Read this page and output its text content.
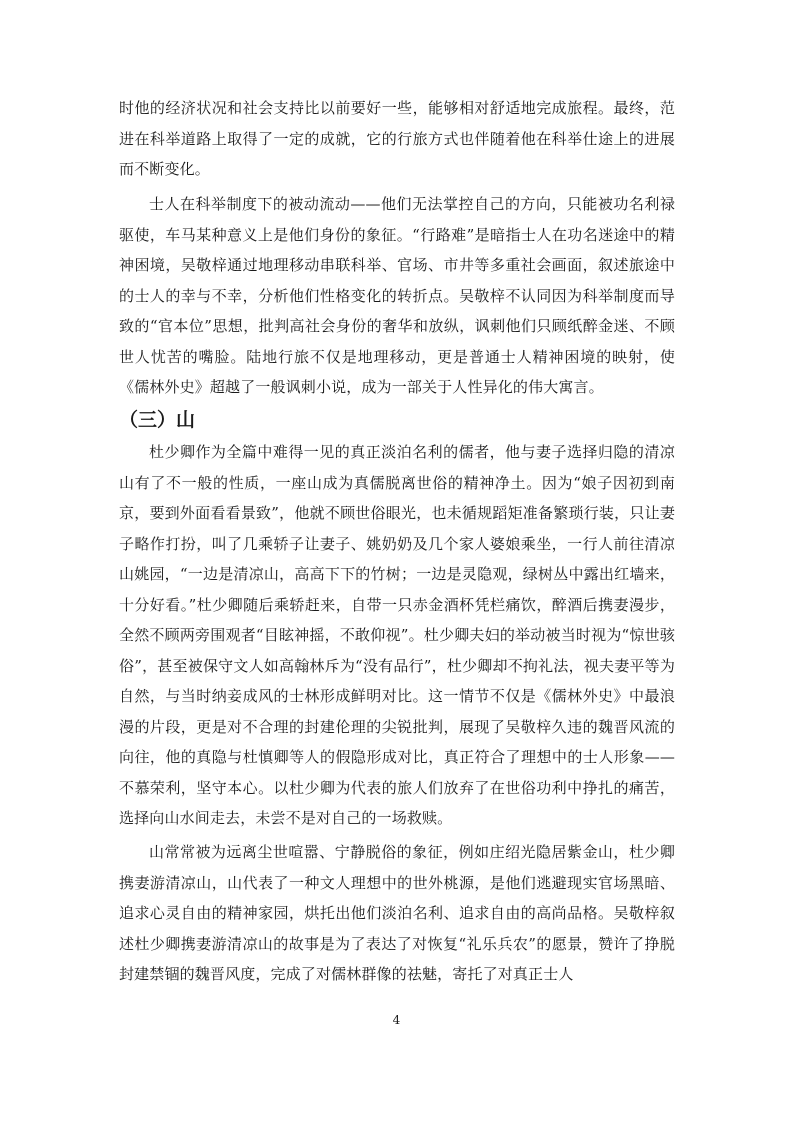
时他的经济状况和社会支持比以前要好一些，能够相对舒适地完成旅程。最终，范进在科举道路上取得了一定的成就，它的行旅方式也伴随着他在科举仕途上的进展而不断变化。

士人在科举制度下的被动流动——他们无法掌控自己的方向，只能被功名利禄驱使，车马某种意义上是他们身份的象征。“行路难”是暗指士人在功名迷途中的精神困境，吴敬梓通过地理移动串联科举、官场、市井等多重社会画面，叙述旅途中的士人的幸与不幸，分析他们性格变化的转折点。吴敬梓不认同因为科举制度而导致的“官本位”思想，批判高社会身份的奢华和放纵，讽刺他们只顾纸醉金迷、不顾世人忧苦的嘴脸。陆地行旅不仅是地理移动，更是普通士人精神困境的映射，使《儒林外史》超越了一般讽刺小说，成为一部关于人性异化的伟大寓言。

（三）山

杜少卿作为全篇中难得一见的真正淡泊名利的儒者，他与妻子选择归隐的清凉山有了不一般的性质，一座山成为真儒脱离世俗的精神净土。因为“娘子因初到南京，要到外面看看景致”，他就不顾世俗眼光，也未循规蹈矩准备繁琐行装，只让妻子略作打扮，叫了几乘轿子让妻子、姚奶奶及几个家人婆娘乘坐，一行人前往清凉山姚园，“一边是清凉山，高高下下的竹树；一边是灵隐观，绿树丛中露出红墙来，十分好看。”杜少卿随后乘轿赶来，自带一只赤金酒杯凭栏痛饮，醉酒后携妻漫步，全然不顾两旁围观者“目眩神摇，不敢仰视”。杜少卿夫妇的举动被当时视为“惊世骇俗”，甚至被保守文人如高翰林斥为“没有品行”，杜少卿却不拘礼法，视夫妻平等为自然，与当时纳妾成风的士林形成鲜明对比。这一情节不仅是《儒林外史》中最浪漫的片段，更是对不合理的封建伦理的尖锐批判，展现了吴敬梓久违的魏晋风流的向往，他的真隐与杜慎卿等人的假隐形成对比，真正符合了理想中的士人形象——不慕荣利，坚守本心。以杜少卿为代表的旅人们放弃了在世俗功利中挣扎的痛苦，选择向山水间走去，未尝不是对自己的一场救赎。

山常常被为远离尘世喧嚣、宁静脱俗的象征，例如庄绍光隐居紫金山，杜少卿携妻游清凉山，山代表了一种文人理想中的世外桃源，是他们逃避现实官场黑暗、追求心灵自由的精神家园，烘托出他们淡泊名利、追求自由的高尚品格。吴敬梓叙述杜少卿携妻游清凉山的故事是为了表达了对恢复“礼乐兵农”的愿景，赞许了挣脱封建禁锢的魏晋风度，完成了对儒林群像的祛魅，寄托了对真正士人

4
